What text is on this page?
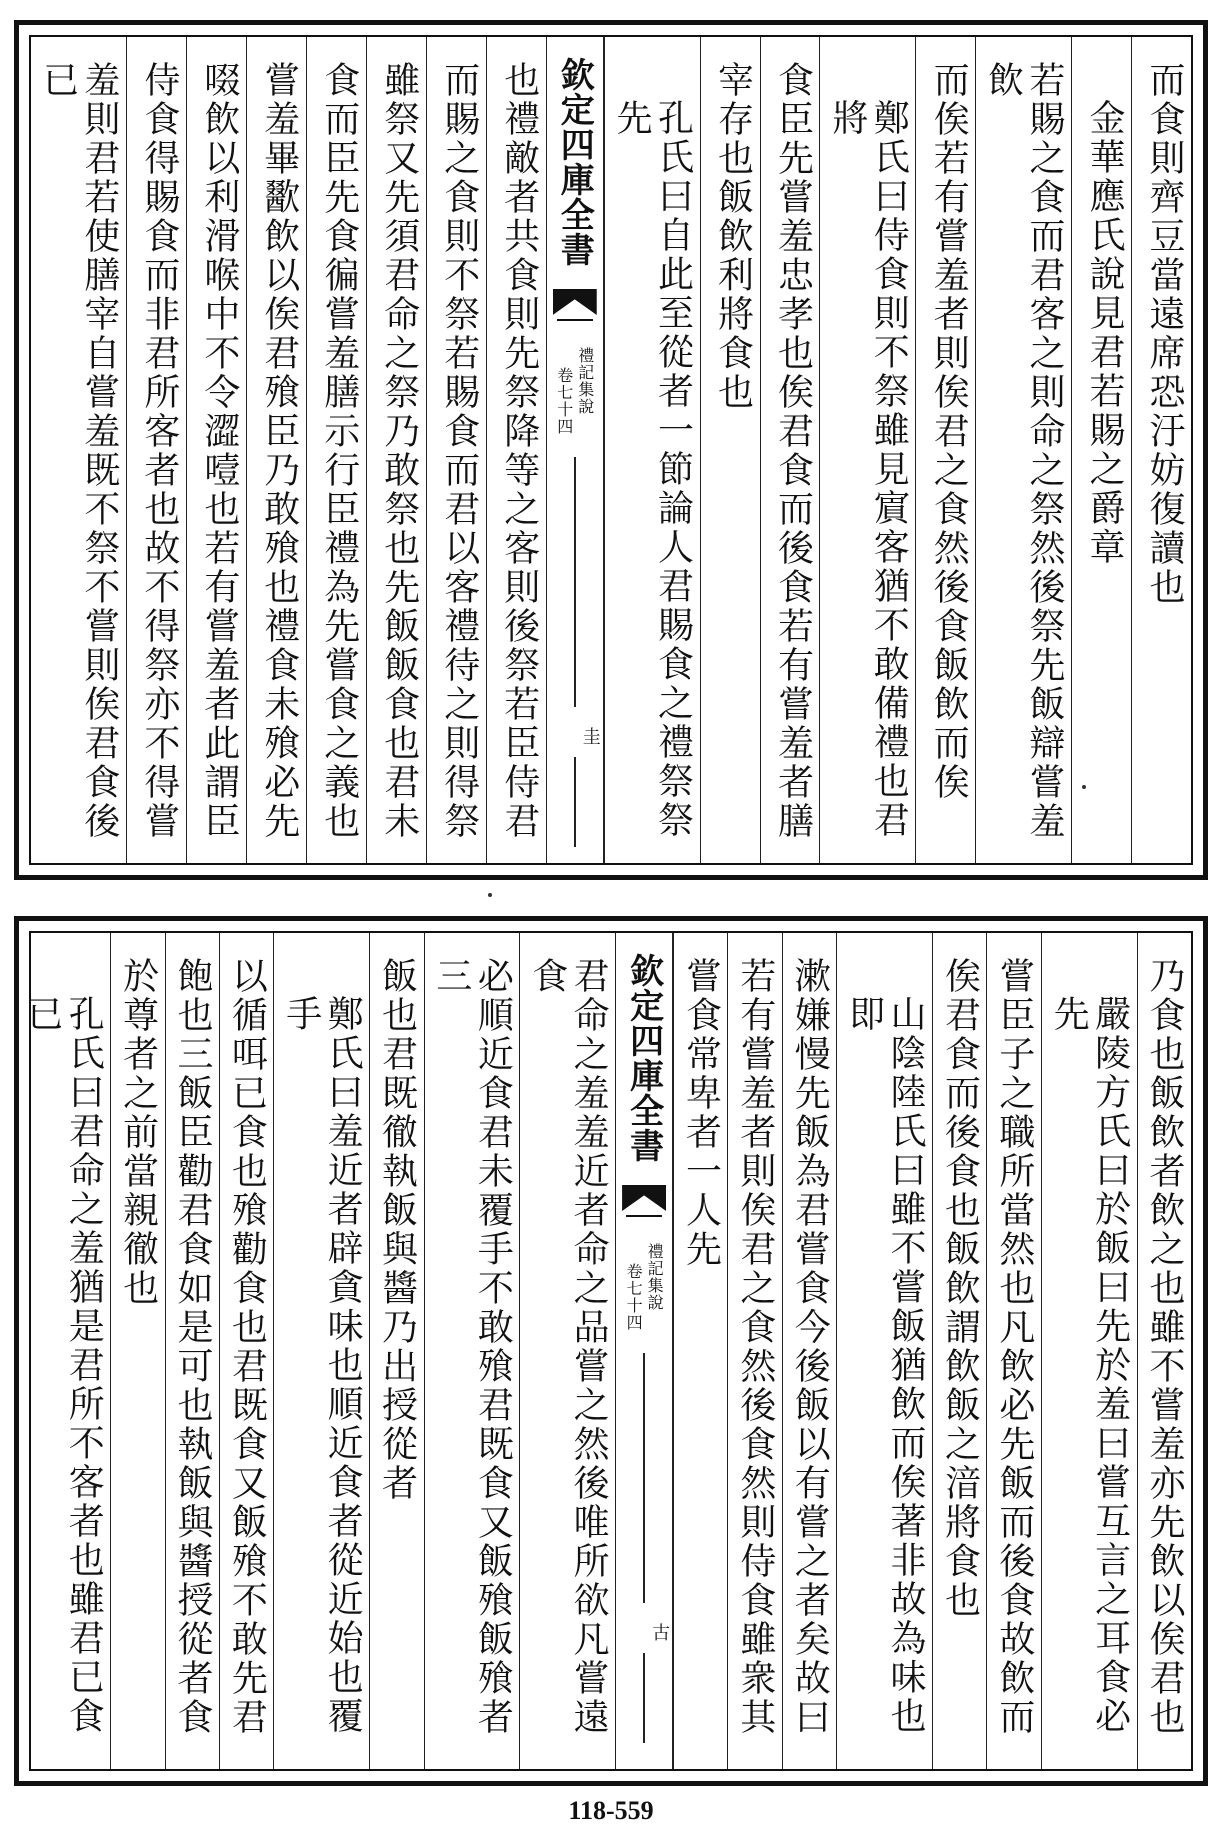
而食則齊豆當遠席恐汙妨復讀也
金華應氏說見君若賜之爵章
若賜之食而君客之則命之祭然後祭先飯辯嘗羞飲
而俟若有嘗羞者則俟君之食然後食飯飲而俟
鄭氏曰侍食則不祭雖見賔客猶不敢備禮也君將
食臣先嘗羞忠孝也俟君食而後食若有嘗羞者膳
宰存也飯飲利將食也
孔氏曰自此至從者一節論人君賜食之禮祭祭先
欽定四庫全書
禮記集說
卷七十四
圭
也禮敵者共食則先祭降等之客則後祭若臣侍君
而賜之食則不祭若賜食而君以客禮待之則得祭
雖祭又先須君命之祭乃敢祭也先飯飯食也君未
食而臣先食徧嘗羞膳示行臣禮為先嘗食之義也
嘗羞畢歠飲以俟君飱臣乃敢飱也禮食未飱必先
啜飲以利滑喉中不令澀噎也若有嘗羞者此謂臣
侍食得賜食而非君所客者也故不得祭亦不得嘗
羞則君若使膳宰自嘗羞既不祭不嘗則俟君食後已
乃食也飯飲者飲之也雖不嘗羞亦先飲以俟君也
嚴陵方氏曰於飯曰先於羞曰嘗互言之耳食必先
嘗臣子之職所當然也凡飲必先飯而後食故飲而
俟君食而後食也飯飲謂飲飯之湆將食也
山陰陸氏曰雖不嘗飯猶飲而俟著非故為味也即
漱嫌慢先飯為君嘗食今後飯以有嘗之者矣故曰
若有嘗羞者則俟君之食然後食然則侍食雖衆其
嘗食常卑者一人先
欽定四庫全書
禮記集說
卷七十四
古
君命之羞羞近者命之品嘗之然後唯所欲凡嘗遠食
必順近食君未覆手不敢飱君既食又飯飱飯飱者三
飯也君既徹執飯與醬乃出授從者
鄭氏曰羞近者辟貪味也順近食者從近始也覆手
以循咡已食也飱勸食也君既食又飯飱不敢先君
飽也三飯臣勸君食如是可也執飯與醬授從者食
於尊者之前當親徹也
孔氏曰君命之羞猶是君所不客者也雖君已食已
118-559
